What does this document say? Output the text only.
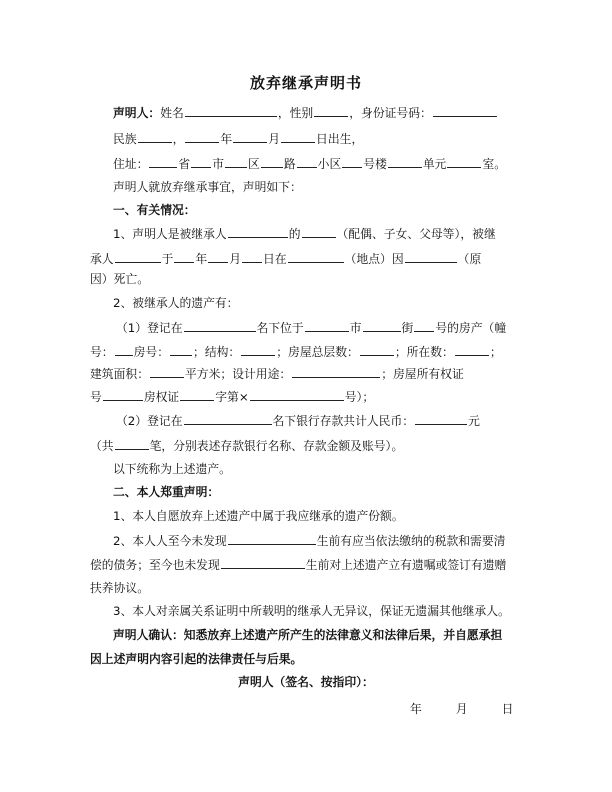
放弃继承声明书
声明人：姓名	，性别	，身份证号码：
民族	，	年	月	日出生，
住址：	省 市 区 路 小区 号楼	单元	室。
声明人就放弃继承事宜，声明如下：
一、有关情况：
1、声明人是被继承人	的	（配偶、子女、父母等），被继
承人	于 年 月 日在	（地点）因	（原
因）死亡。
2、被继承人的遗产有：
（1）登记在	名下位于	市	街 号的房产（幢
号： 房号： ；结构：	；房屋总层数：	；所在数：	；
建筑面积：	平方米；设计用途：	；房屋所有权证
号	房权证	字第×	号）；
（2）登记在	名下银行存款共计人民币：	元
（共	笔，分别表述存款银行名称、存款金额及账号）。
以下统称为上述遗产。
二、本人郑重声明：
1、本人自愿放弃上述遗产中属于我应继承的遗产份额。
2、本人人至今未发现	生前有应当依法缴纳的税款和需要清
偿的债务；至今也未发现	生前对上述遗产立有遗嘱或签订有遗赠
扶养协议。
3、本人对亲属关系证明中所载明的继承人无异议，保证无遗漏其他继承人。
声明人确认：知悉放弃上述遗产所产生的法律意义和法律后果，并自愿承担
因上述声明内容引起的法律责任与后果。
声明人（签名、按指印）：
年	月	日
